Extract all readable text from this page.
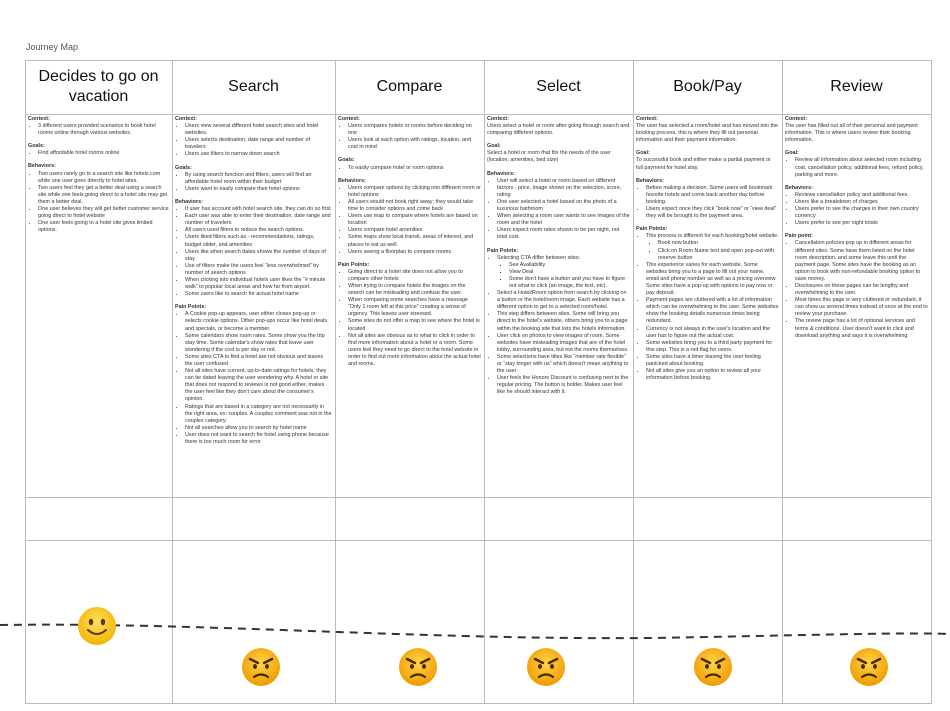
Journey Map
Decides to go on vacation
Context:
• 3 different users provided scenarios to book hotel rooms online through various websites.
Goals:
• Find affordable hotel rooms online
Behaviors:
• Two users rarely go to a search site like hotels.com while one user goes directly to hotel sites.
• Two users feel they get a better deal using a search site while one feels going direct to a hotel site may get them a better deal.
• One user believes they will get better customer service going direct to hotel website
• One user feels going to a hotel site gives limited options.
Search
Context:
• Users view several different hotel search sites and hotel websites.
• Users selects destination, date range and number of travelers
• Users use filters to narrow down search
Goals:
• By using search function and filters, users will find an affordable hotel room within their budget
• Users want to easily compare their hotel options
Behaviors:
• If user has account with hotel search site, they can do so first
• Each user was able to enter their destination, date range and number of travelers
• All users used filters to reduce the search options.
• Users liked filters such as - recommendations, ratings, budget slider, and amenities
• Users like when search dates shows the number of days of stay
• Use of filters make the users feel “less overwhelmed” by number of search options
• When clicking into individual hotels user likes the “# minute walk” to popular local areas and how far from airport.
• Some users like to search for actual hotel name
Pain Points:
• A Cookie pop-up appears, user either closes pop-up or selects cookie options. Other pop-ups occur like hotel deals and specials, or become a member.
• Some calendars show room rates. Some show you the trip stay time. Some calendar's show rates that leave user wondering if the cost is per day or not.
• Some sites CTA to find a hotel are not obvious and leaves the user confused
• Not all sites have current, up-to-date ratings for hotels, they can be dated leaving the user wondering why. A hotel or site that does not respond to reviews is not good either, makes the user feel like they don't care about the consumer's opinion.
• Ratings that are based in a category are not necessarily in the right area, ex: couples. A couples comment was not in the couples category.
• Not all searches allow you to search by hotel name
• User does not want to search for hotel using phone because there is too much room for error
Compare
Context:
• Users compares hotels or rooms before deciding on one
• Users look at each option with ratings, location, and cost in mind
Goals:
• To easily compare hotel or room options
Behaviors:
• Users compare options by clicking into different room or hotel options
• All users would not book right away; they would take time to consider options and come back
• Users use map to compare where hotels are based on location
• Users compare hotel amenities
• Some maps show local transit, areas of interest, and places to eat as well.
• Users seeing a floorplan to compare rooms
Pain Points:
• Going direct to a hotel site does not allow you to compare other hotels
• When trying to compare hotels the images on the search can be misleading and confuse the user.
• When comparing some searches have a message “Only 1 room left at this price” creating a sense of urgency. This leaves user stressed.
• Some sites do not offer a map to see where the hotel is located
• Not all sites are obvious as to what to click in order to find more information about a hotel or a room. Some users feel they need to go direct to the hotel website in order to find out more information about the actual hotel and rooms.
Select
Context:

Users select a hotel or room after going through search and comparing different options.

Goal:

Select a hotel or room that fits the needs of the user (location, amenities, bed size)

Behaviors:
• User will select a hotel or room based on different factors - price, image shown on the selection, score, rating
• One user selected a hotel based on the photo of a luxurious bathroom
• When selecting a room user wants to see images of the room and the hotel
• Users expect room rates shown to be per night, not total cost.
Pain Points:
• Selecting CTA differ between sites:
▪ See Availability
▪ View Deal
▪ Some don't have a button and you have to figure out what to click (an image, the text, etc).
• Select a Hotel/Room option from search by clicking on a button or the hotel/room image. Each website has a different option to get to a selected room/hotel.
• This step differs between sites. Some will bring you direct to the hotel's website, others bring you to a page within the booking site that lists the hotels information.
• User click on photos to view images of room. Some websites have misleading images that are of the hotel lobby, surrounding area, but not the rooms themselves.
• Some selections have titles like “member rate flexible” or “stay longer with us” which doesn't mean anything to the user
• User feels the Honors Discount is confusing next to the regular pricing. The button is bolder. Makes user feel like he should interact with it.
Book/Pay
Context:

The user has selected a room/hotel and has moved into the booking process, this is where they fill out personal information and their payment information.

Goal:

To successful book and either make a partial payment or full payment for hotel stay.

Behaviors:
• Before making a decision. Some users will bookmark favorite hotels and come back another day before booking.
• Users expect once they click “book now” or “view deal” they will be brought to the payment area.
Pain Points:
• This process is different for each booking/hotel website.
▪ Book now button
▪ Click on Room Name text and open pop-out with reserve button
• This experience varies for each website. Some websites bring you to a page to fill out your name, email and phone number as well as a pricing overview. Some sites have a pop-up with options to pay now or pay deposit.
• Payment pages are cluttered with a lot of information which can be overwhelming to the user. Some websites show the booking details numerous times being redundant.
• Currency is not always in the user's location and the user has to figure out the actual cost.
• Some websites bring you to a third party payment for this step. This is a red flag for users.
• Some sites have a timer leaving the user feeling panicked about booking.
• Not all sites give you an option to review all your information before booking.
Review
Context:

The user has filled out all of their personal and payment information. This is where users review their booking information.

Goal:
• Review all information about selected room including cost, cancellation policy, additional fees, refund policy, parking and more.
Behaviors:
• Reviews cancellation policy and additional fees.
• Users like a breakdown of charges
• Users prefer to see the charges in their own country currency
• Users prefer to see per night totals
Pain point:
• Cancellation policies pop up in different areas for different sites. Some have them listed on the hotel room description, and some leave this until the payment page. Some sites have the booking as an option to book with non-refundable booking option to save money.
• Disclosures on these pages can be lengthy and overwhelming to the user.
• Most times this page is very cluttered or redundant, it can show us several times instead of once at the end to review your purchase.
• The review page has a lot of optional services and terms & conditions. User doesn't want to click and download anything and says it is overwhelming.
